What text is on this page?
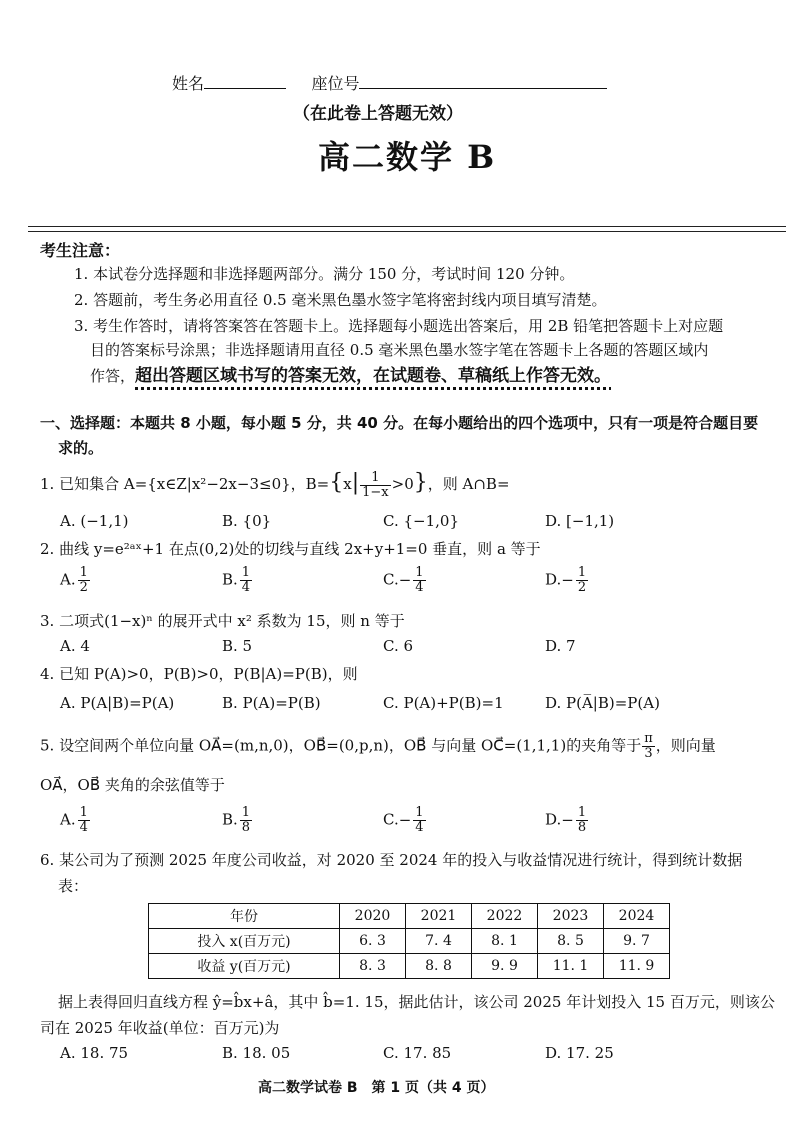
姓名	座位号
（在此卷上答题无效）
高二数学 B
考生注意：
1. 本试卷分选择题和非选择题两部分。满分 150 分，考试时间 120 分钟。
2. 答题前，考生务必用直径 0.5 毫米黑色墨水签字笔将密封线内项目填写清楚。
3. 考生作答时，请将答案答在答题卡上。选择题每小题选出答案后，用 2B 铅笔把答题卡上对应题
目的答案标号涂黑；非选择题请用直径 0.5 毫米黑色墨水签字笔在答题卡上各题的答题区域内
作答，超出答题区域书写的答案无效，在试题卷、草稿纸上作答无效。
一、选择题：本题共 8 小题，每小题 5 分，共 40 分。在每小题给出的四个选项中，只有一项是符合题目要
求的。
1. 已知集合 A={x∈Z|x²−2x−3≤0}，$B=\{x| \frac{1}{1-x} >0\}$，则 A∩B=
A. (−1,1)	B. {0}	C. {−1,0}	D. [−1,1)
2. 曲线 y=e²ᵃˣ+1 在点(0,2)处的切线与直线 2x+y+1=0 垂直，则 a 等于
A. $\frac{1}{2}$	B. $\frac{1}{4}$	$C.- \frac{1}{4}$	$D.- \frac{1}{2}$
3. 二项式(1−x)ⁿ 的展开式中 x² 系数为 15，则 n 等于
A. 4	B. 5	C. 6	D. 7
4. 已知 P(A)>0，P(B)>0，P(B|A)=P(B)，则
A. P(A|B)=P(A)	B. P(A)=P(B)	C. P(A)+P(B)=1	D. P(A̅|B)=P(A)
5. 设空间两个单位向量 OA⃗=(m,n,0)，OB⃗=(0,p,n)，OB⃗ 与向量 OC⃗=(1,1,1)的夹角等于 $\frac{\pi}{3}$ ，则向量
OA⃗，OB⃗ 夹角的余弦值等于
A. $\frac{1}{4}$	B. $\frac{1}{8}$	$C.- \frac{1}{4}$	$D.- \frac{1}{8}$
6. 某公司为了预测 2025 年度公司收益，对 2020 至 2024 年的投入与收益情况进行统计，得到统计数据
表：
年份	2020	2021	2022	2023	2024
投入 x(百万元)	6. 3	7. 4	8. 1	8. 5	9. 7
收益 y(百万元)	8. 3	8. 8	9. 9	11. 1	11. 9
据上表得回归直线方程 ŷ=b̂x+â，其中 b̂=1. 15，据此估计，该公司 2025 年计划投入 15 百万元，则该公
司在 2025 年收益(单位：百万元)为
A. 18. 75	B. 18. 05	C. 17. 85	D. 17. 25
高二数学试卷 B　第 1 页（共 4 页）
